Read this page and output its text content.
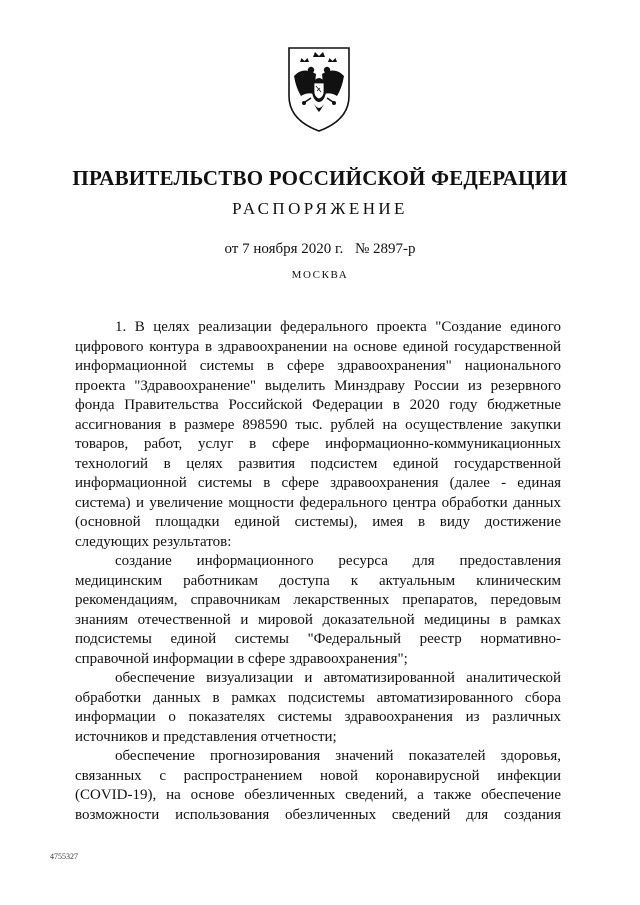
ПРАВИТЕЛЬСТВО РОССИЙСКОЙ ФЕДЕРАЦИИ
РАСПОРЯЖЕНИЕ
от 7 ноября 2020 г. № 2897-р
МОСКВА
1. В целях реализации федерального проекта "Создание единого
цифрового контура в здравоохранении на основе единой государственной
информационной системы в сфере здравоохранения" национального
проекта "Здравоохранение" выделить Минздраву России из резервного
фонда Правительства Российской Федерации в 2020 году бюджетные
ассигнования в размере 898590 тыс. рублей на осуществление закупки
товаров, работ, услуг в сфере информационно-коммуникационных
технологий в целях развития подсистем единой государственной
информационной системы в сфере здравоохранения (далее - единая
система) и увеличение мощности федерального центра обработки данных
(основной площадки единой системы), имея в виду достижение
следующих результатов:
создание информационного ресурса для предоставления
медицинским работникам доступа к актуальным клиническим
рекомендациям, справочникам лекарственных препаратов, передовым
знаниям отечественной и мировой доказательной медицины в рамках
подсистемы единой системы "Федеральный реестр нормативно-
справочной информации в сфере здравоохранения";
обеспечение визуализации и автоматизированной аналитической
обработки данных в рамках подсистемы автоматизированного сбора
информации о показателях системы здравоохранения из различных
источников и представления отчетности;
обеспечение прогнозирования значений показателей здоровья,
связанных с распространением новой коронавирусной инфекции
(COVID-19), на основе обезличенных сведений, а также обеспечение
возможности использования обезличенных сведений для создания
4755327
